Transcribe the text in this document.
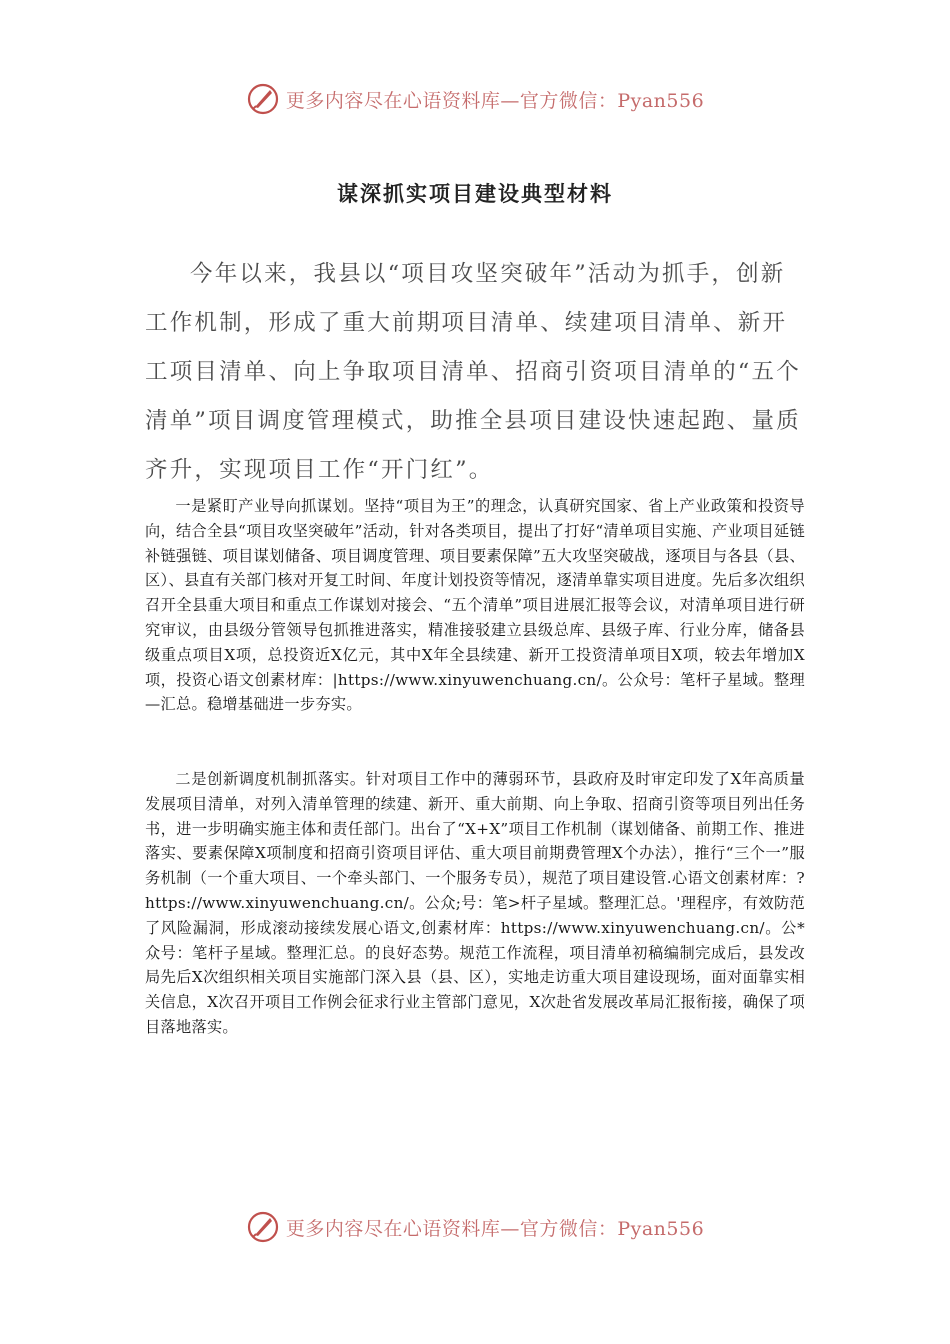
更多内容尽在心语资料库—官方微信：Pyan556
谋深抓实项目建设典型材料

今年以来，我县以“项目攻坚突破年”活动为抓手，创新工作机制，形成了重大前期项目清单、续建项目清单、新开工项目清单、向上争取项目清单、招商引资项目清单的“五个清单”项目调度管理模式，助推全县项目建设快速起跑、量质齐升，实现项目工作“开门红”。

一是紧盯产业导向抓谋划。坚持“项目为王”的理念，认真研究国家、省上产业政策和投资导向，结合全县“项目攻坚突破年”活动，针对各类项目，提出了打好“清单项目实施、产业项目延链补链强链、项目谋划储备、项目调度管理、项目要素保障”五大攻坚突破战，逐项目与各县（县、区）、县直有关部门核对开复工时间、年度计划投资等情况，逐清单靠实项目进度。先后多次组织召开全县重大项目和重点工作谋划对接会、“五个清单”项目进展汇报等会议，对清单项目进行研究审议，由县级分管领导包抓推进落实，精准接驳建立县级总库、县级子库、行业分库，储备县级重点项目X项，总投资近X亿元，其中X年全县续建、新开工投资清单项目X项，较去年增加X项，投资心语文创素材库：|https://www.xinyuwenchuang.cn/。公众号：笔杆子星域。整理—汇总。稳增基础进一步夯实。

二是创新调度机制抓落实。针对项目工作中的薄弱环节，县政府及时审定印发了X年高质量发展项目清单，对列入清单管理的续建、新开、重大前期、向上争取、招商引资等项目列出任务书，进一步明确实施主体和责任部门。出台了“X+X”项目工作机制（谋划储备、前期工作、推进落实、要素保障X项制度和招商引资项目评估、重大项目前期费管理X个办法），推行“三个一”服务机制（一个重大项目、一个牵头部门、一个服务专员），规范了项目建设管.心语文创素材库：?https://www.xinyuwenchuang.cn/。公众;号：笔>杆子星域。整理汇总。'理程序，有效防范了风险漏洞，形成滚动接续发展心语文,创素材库：https://www.xinyuwenchuang.cn/。公*众号：笔杆子星域。整理汇总。的良好态势。规范工作流程，项目清单初稿编制完成后，县发改局先后X次组织相关项目实施部门深入县（县、区），实地走访重大项目建设现场，面对面靠实相关信息，X次召开项目工作例会征求行业主管部门意见，X次赴省发展改革局汇报衔接，确保了项目落地落实。

更多内容尽在心语资料库—官方微信：Pyan556
